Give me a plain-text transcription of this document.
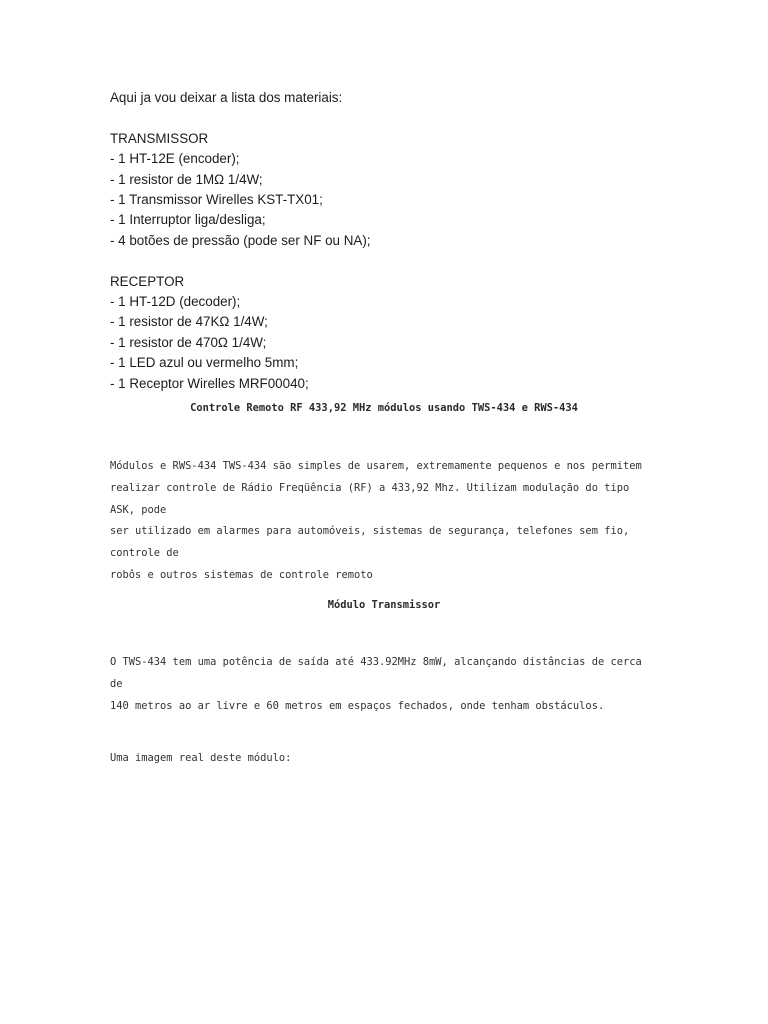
Aqui ja vou deixar a lista dos materiais:
TRANSMISSOR
- 1 HT-12E (encoder);
- 1 resistor de 1MΩ 1/4W;
- 1 Transmissor Wirelles KST-TX01;
- 1 Interruptor liga/desliga;
- 4 botões de pressão (pode ser NF ou NA);
RECEPTOR
- 1 HT-12D (decoder);
- 1 resistor de 47KΩ 1/4W;
- 1 resistor de 470Ω 1/4W;
- 1 LED azul ou vermelho 5mm;
- 1 Receptor Wirelles MRF00040;
Controle Remoto RF 433,92 MHz módulos usando TWS-434 e RWS-434

Módulos e RWS-434 TWS-434 são simples de usarem, extremamente pequenos e nos permitem
realizar controle de Rádio Freqüência (RF) a 433,92 Mhz. Utilizam modulação do tipo ASK, pode
ser utilizado em alarmes para automóveis, sistemas de segurança, telefones sem fio, controle de
robôs e outros sistemas de controle remoto

Módulo Transmissor

O TWS-434 tem uma potência de saída até 433.92MHz 8mW, alcançando distâncias de cerca de
140 metros ao ar livre e 60 metros em espaços fechados, onde tenham obstáculos.

Uma imagem real deste módulo:
